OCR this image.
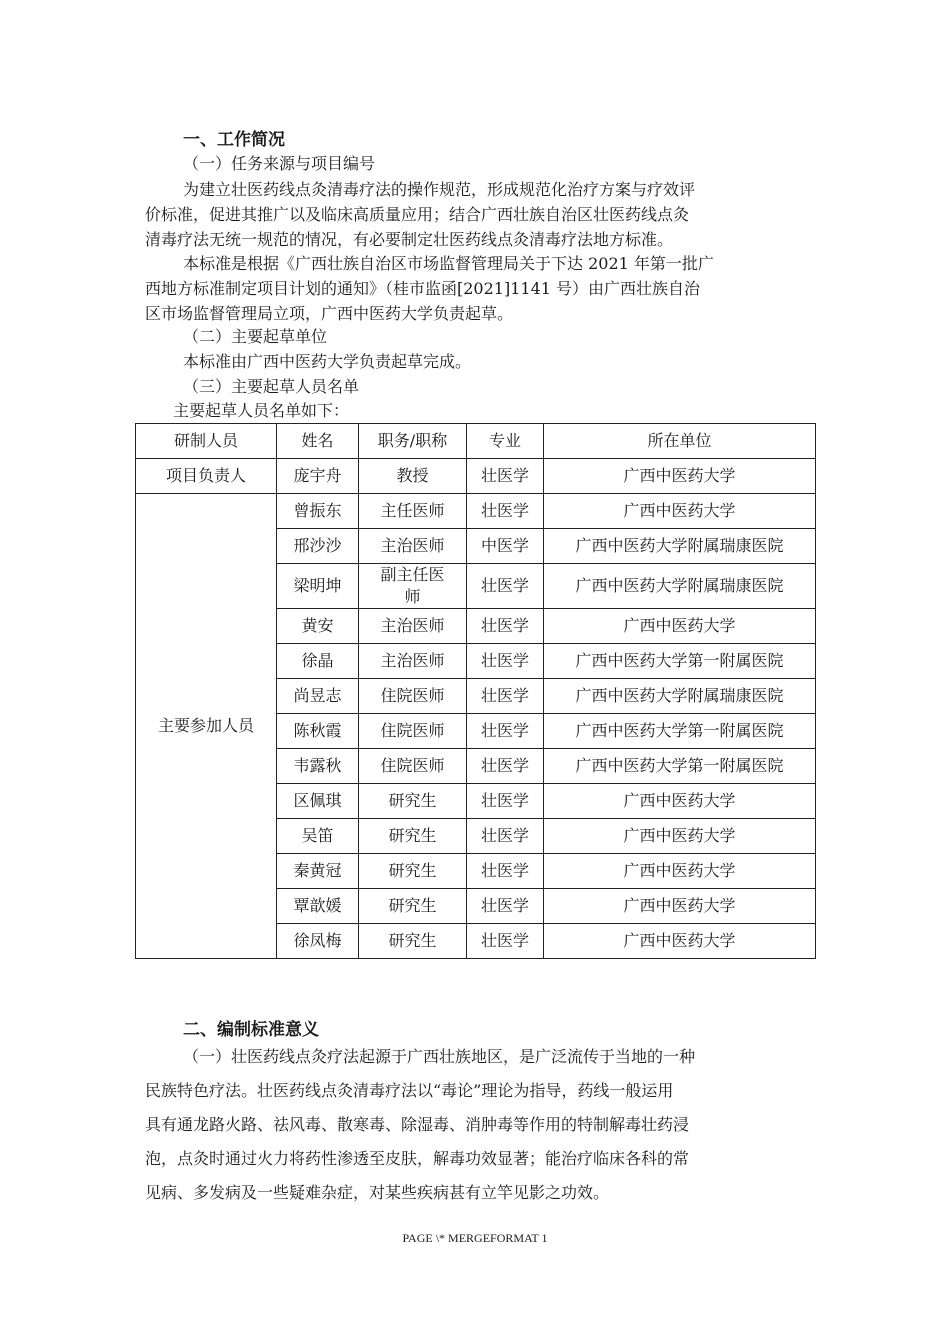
一、工作简况
（一）任务来源与项目编号
为建立壮医药线点灸清毒疗法的操作规范，形成规范化治疗方案与疗效评
价标准，促进其推广以及临床高质量应用；结合广西壮族自治区壮医药线点灸
清毒疗法无统一规范的情况，有必要制定壮医药线点灸清毒疗法地方标准。
本标准是根据《广西壮族自治区市场监督管理局关于下达 2021 年第一批广
西地方标准制定项目计划的通知》（桂市监函[2021]1141 号）由广西壮族自治
区市场监督管理局立项，广西中医药大学负责起草。
（二）主要起草单位
本标准由广西中医药大学负责起草完成。
（三）主要起草人员名单
主要起草人员名单如下：
研制人员	姓名	职务/职称	专业	所在单位
项目负责人	庞宇舟	教授	壮医学	广西中医药大学
主要参加人员	曾振东	主任医师	壮医学	广西中医药大学
	邢沙沙	主治医师	中医学	广西中医药大学附属瑞康医院
	梁明坤	副主任医师	壮医学	广西中医药大学附属瑞康医院
	黄安	主治医师	壮医学	广西中医药大学
	徐晶	主治医师	壮医学	广西中医药大学第一附属医院
	尚昱志	住院医师	壮医学	广西中医药大学附属瑞康医院
	陈秋霞	住院医师	壮医学	广西中医药大学第一附属医院
	韦露秋	住院医师	壮医学	广西中医药大学第一附属医院
	区佩琪	研究生	壮医学	广西中医药大学
	吴笛	研究生	壮医学	广西中医药大学
	秦黄冠	研究生	壮医学	广西中医药大学
	覃歆媛	研究生	壮医学	广西中医药大学
	徐凤梅	研究生	壮医学	广西中医药大学
二、编制标准意义
（一）壮医药线点灸疗法起源于广西壮族地区，是广泛流传于当地的一种
民族特色疗法。壮医药线点灸清毒疗法以“毒论”理论为指导，药线一般运用
具有通龙路火路、祛风毒、散寒毒、除湿毒、消肿毒等作用的特制解毒壮药浸
泡，点灸时通过火力将药性渗透至皮肤，解毒功效显著；能治疗临床各科的常
见病、多发病及一些疑难杂症，对某些疾病甚有立竿见影之功效。
PAGE \* MERGEFORMAT 1
